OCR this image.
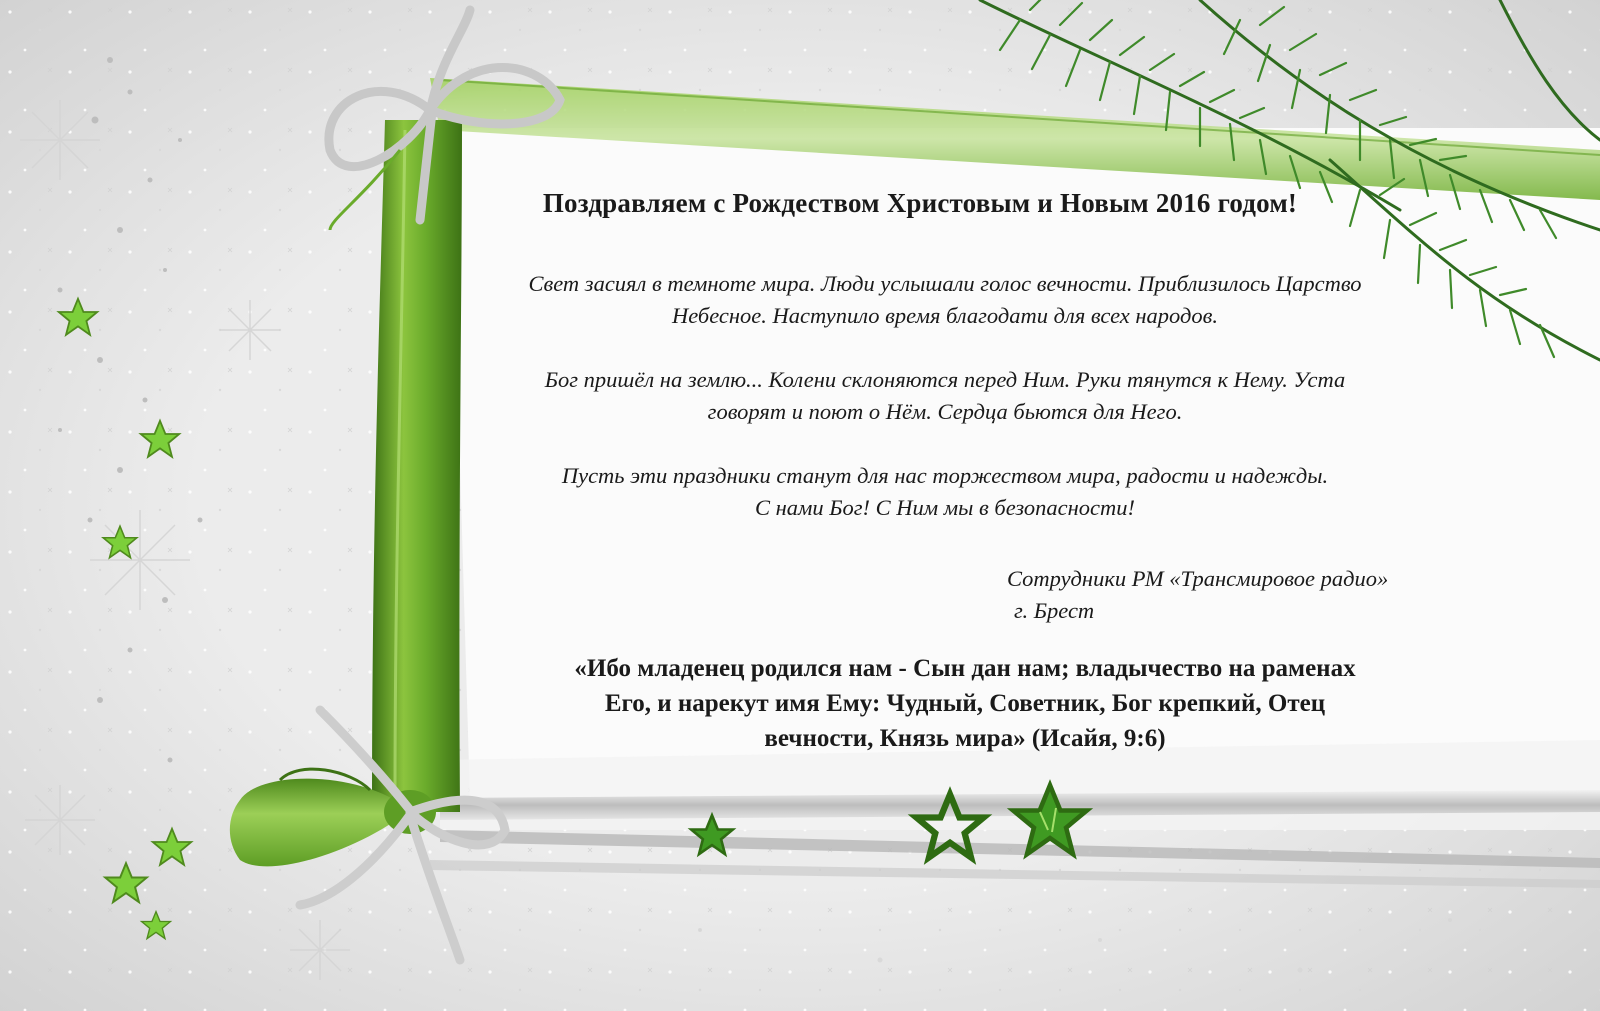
Поздравляем с Рождеством Христовым и Новым 2016 годом!

Свет засиял в темноте мира. Люди услышали голос вечности. Приблизилось Царство
Небесное. Наступило время благодати для всех народов.

Бог пришёл на землю... Колени склоняются перед Ним. Руки тянутся к Нему. Уста
говорят и поют о Нём. Сердца бьются для Него.

Пусть эти праздники станут для нас торжеством мира, радости и надежды.
С нами Бог! С Ним мы в безопасности!

Сотрудники РМ «Трансмировое радио»

г. Брест

«Ибо младенец родился нам - Сын дан нам; владычество на раменах
Его, и нарекут имя Ему: Чудный, Советник, Бог крепкий, Отец
вечности, Князь мира» (Исайя, 9:6)
